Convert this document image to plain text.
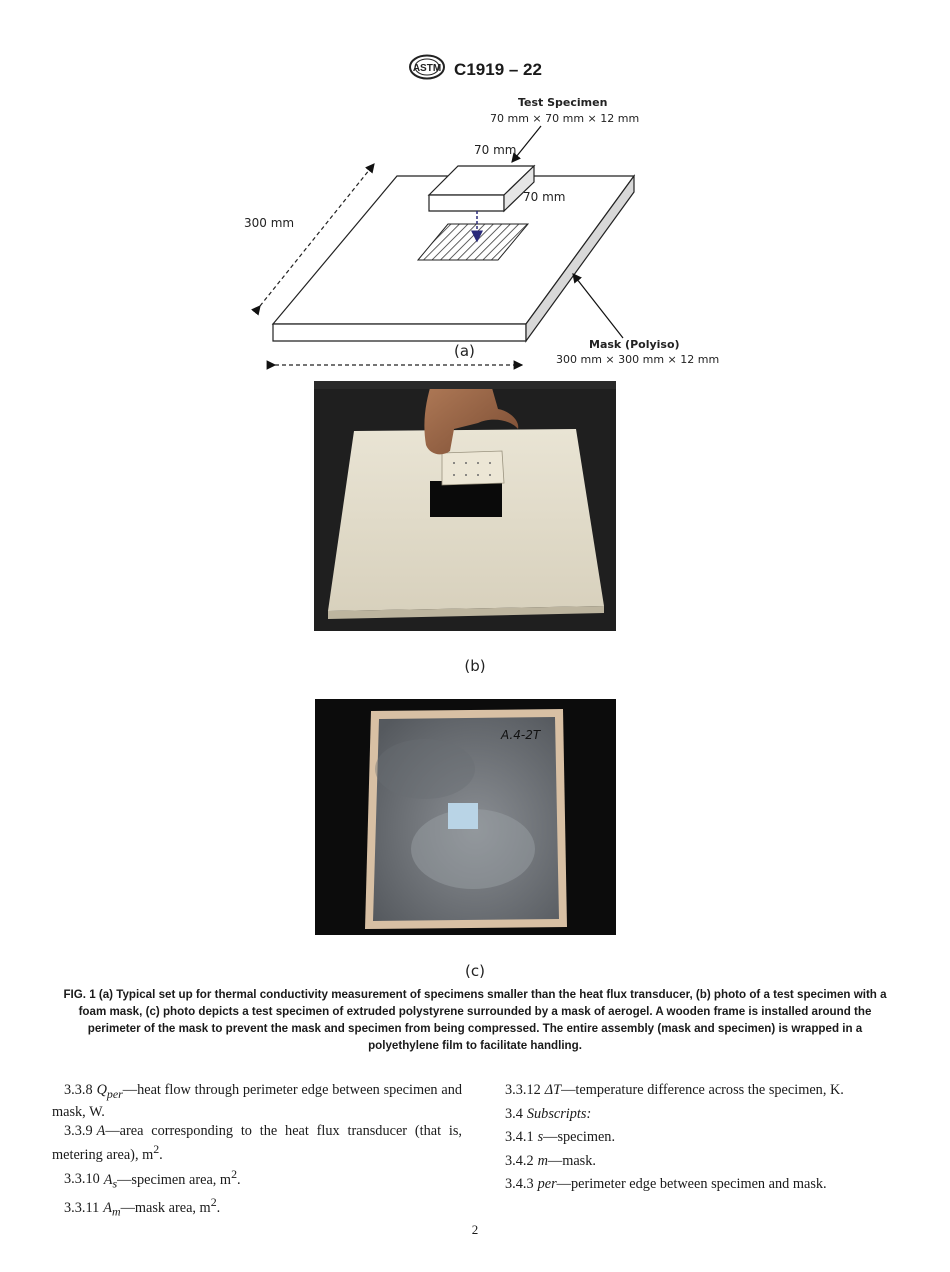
ASTM C1919 – 22
Test Specimen
70 mm × 70 mm × 12 mm
70 mm
70 mm
300 mm
Mask (Polyiso)
300 mm × 300 mm × 12 mm
(a)
(b)
A.4-2T
(c)
FIG. 1 (a) Typical set up for thermal conductivity measurement of specimens smaller than the heat flux transducer, (b) photo of a test specimen with a foam mask, (c) photo depicts a test specimen of extruded polystyrene surrounded by a mask of aerogel. A wooden frame is installed around the perimeter of the mask to prevent the mask and specimen from being compressed. The entire assembly (mask and specimen) is wrapped in a polyethylene film to facilitate handling.

3.3.8 $Q_{per}—heat$ flow through perimeter edge between specimen and mask, W.

3.3.9 A—area corresponding to the heat flux transducer (that is, metering area), $m^2$.

3.3.10 $A_s—specimen$ area, $m^2$.

3.3.11 $A_m—mask$ area, $m^2$.

3.3.12 ΔT—temperature difference across the specimen, K.

3.4 Subscripts:

3.4.1 s—specimen.

3.4.2 m—mask.

3.4.3 per—perimeter edge between specimen and mask.

2
